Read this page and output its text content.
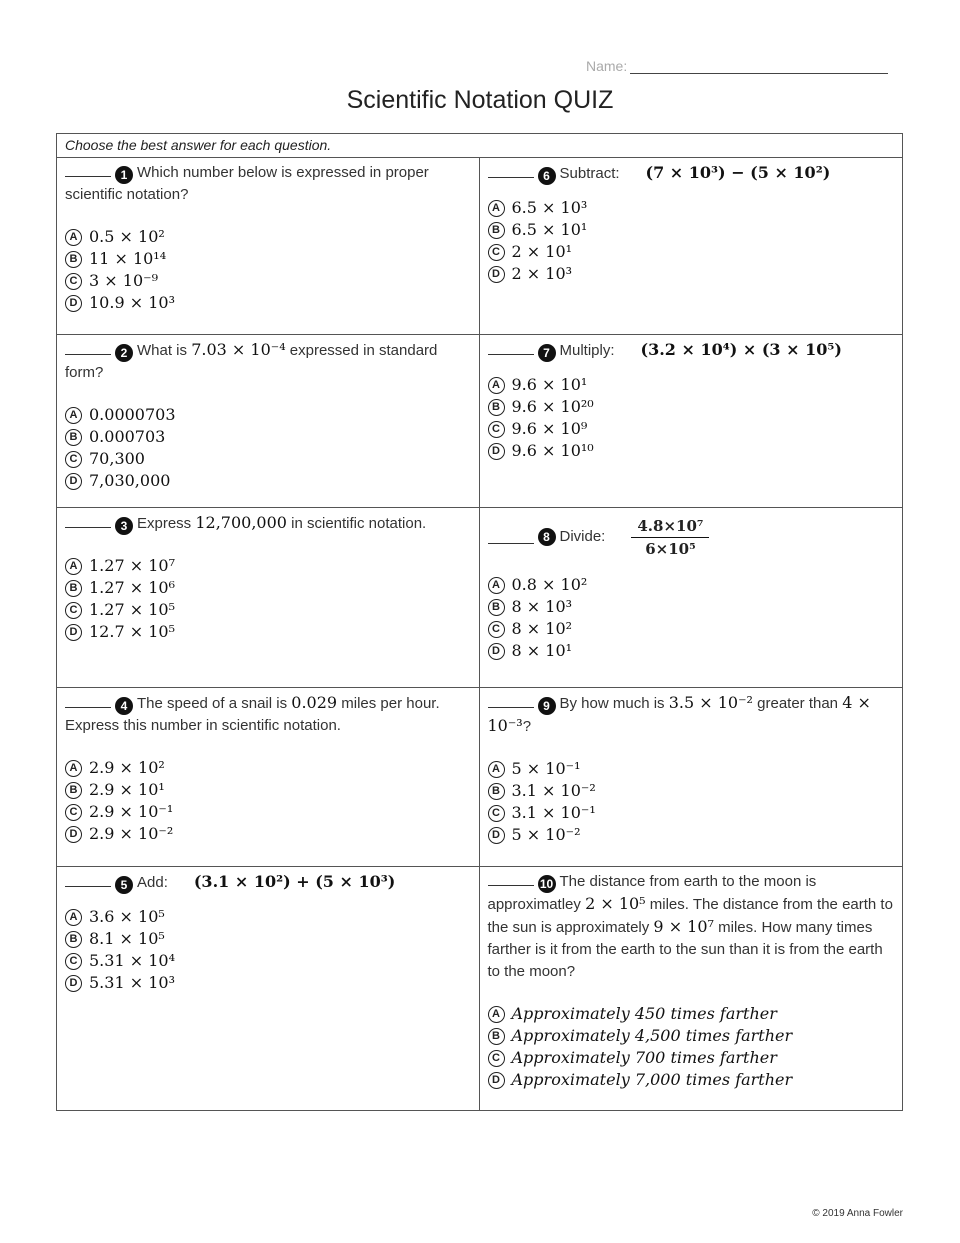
Name:
Scientific Notation QUIZ
Choose the best answer for each question.
1 Which number below is expressed in proper scientific notation?
A 0.5 × 10²
B 11 × 10¹⁴
C 3 × 10⁻⁹
D 10.9 × 10³
6 Subtract: (7 × 10³) − (5 × 10²)
A 6.5 × 10³
B 6.5 × 10¹
C 2 × 10¹
D 2 × 10³
2 What is 7.03 × 10⁻⁴ expressed in standard form?
A 0.0000703
B 0.000703
C 70,300
D 7,030,000
7 Multiply: (3.2 × 10⁴) × (3 × 10⁵)
A 9.6 × 10¹
B 9.6 × 10²⁰
C 9.6 × 10⁹
D 9.6 × 10¹⁰
3 Express 12,700,000 in scientific notation.
A 1.27 × 10⁷
B 1.27 × 10⁶
C 1.27 × 10⁵
D 12.7 × 10⁵
8 Divide: $\frac{\text{4.8×10⁷}}{\text{6×10⁵}}$
A 0.8 × 10²
B 8 × 10³
C 8 × 10²
D 8 × 10¹
4 The speed of a snail is 0.029 miles per hour. Express this number in scientific notation.
A 2.9 × 10²
B 2.9 × 10¹
C 2.9 × 10⁻¹
D 2.9 × 10⁻²
9 By how much is 3.5 × 10⁻² greater than 4 × 10⁻³?
A 5 × 10⁻¹
B 3.1 × 10⁻²
C 3.1 × 10⁻¹
D 5 × 10⁻²
5 Add: (3.1 × 10²) + (5 × 10³)
A 3.6 × 10⁵
B 8.1 × 10⁵
C 5.31 × 10⁴
D 5.31 × 10³
10 The distance from earth to the moon is approximatley 2 × 10⁵ miles. The distance from the earth to the sun is approximately 9 × 10⁷ miles. How many times farther is it from the earth to the sun than it is from the earth to the moon?
A Approximately 450 times farther
B Approximately 4,500 times farther
C Approximately 700 times farther
D Approximately 7,000 times farther
© 2019 Anna Fowler
